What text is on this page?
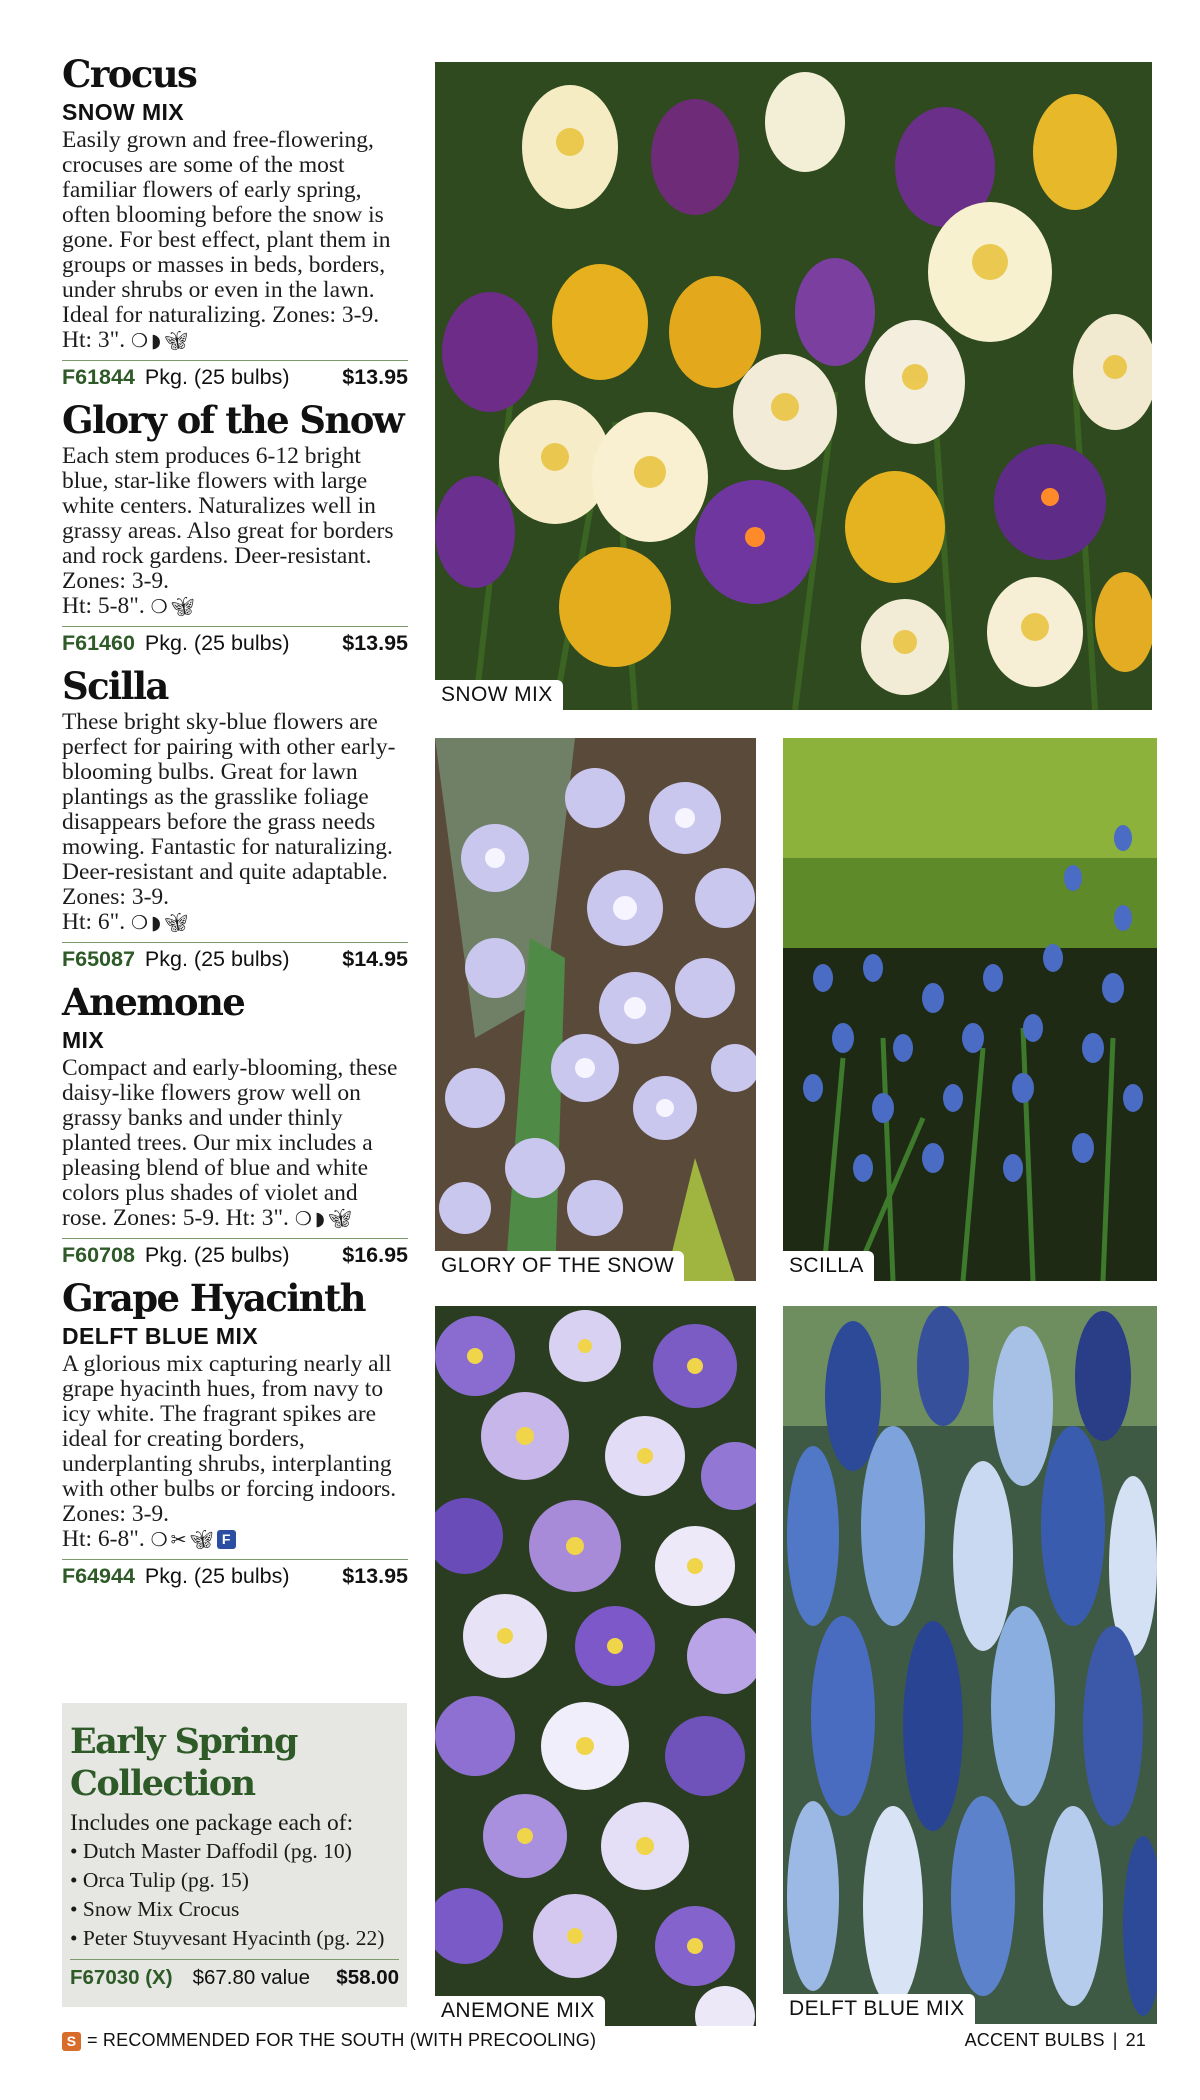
Crocus
SNOW MIX
Easily grown and free-flowering, crocuses are some of the most familiar flowers of early spring, often blooming before the snow is gone. For best effect, plant them in groups or masses in beds, borders, under shrubs or even in the lawn. Ideal for naturalizing. Zones: 3-9.
Ht: 3". ❍◗🦋︎
F61844 Pkg. (25 bulbs) $13.95
Glory of the Snow
Each stem produces 6-12 bright blue, star-like flowers with large white centers. Naturalizes well in grassy areas. Also great for borders and rock gardens. Deer-resistant. Zones: 3-9.
Ht: 5-8". ❍🦋︎
F61460 Pkg. (25 bulbs) $13.95
Scilla
These bright sky-blue flowers are perfect for pairing with other early-blooming bulbs. Great for lawn plantings as the grasslike foliage disappears before the grass needs mowing. Fantastic for naturalizing. Deer-resistant and quite adaptable. Zones: 3-9.
Ht: 6". ❍◗🦋︎
F65087 Pkg. (25 bulbs) $14.95
Anemone
MIX
Compact and early-blooming, these daisy-like flowers grow well on grassy banks and under thinly planted trees. Our mix includes a pleasing blend of blue and white colors plus shades of violet and rose. Zones: 5-9. Ht: 3". ❍◗🦋︎
F60708 Pkg. (25 bulbs) $16.95
Grape Hyacinth
DELFT BLUE MIX
A glorious mix capturing nearly all grape hyacinth hues, from navy to icy white. The fragrant spikes are ideal for creating borders, underplanting shrubs, interplanting with other bulbs or forcing indoors. Zones: 3-9.
Ht: 6-8". ❍✂🦋︎ F
F64944 Pkg. (25 bulbs) $13.95
Early Spring Collection
Includes one package each of:
• Dutch Master Daffodil (pg. 10)
• Orca Tulip (pg. 15)
• Snow Mix Crocus
• Peter Stuyvesant Hyacinth (pg. 22)
F67030 (X) $67.80 value $58.00
SNOW MIX
GLORY OF THE SNOW	SCILLA
ANEMONE MIX	DELFT BLUE MIX
S = RECOMMENDED FOR THE SOUTH (WITH PRECOOLING)	ACCENT BULBS | 21
